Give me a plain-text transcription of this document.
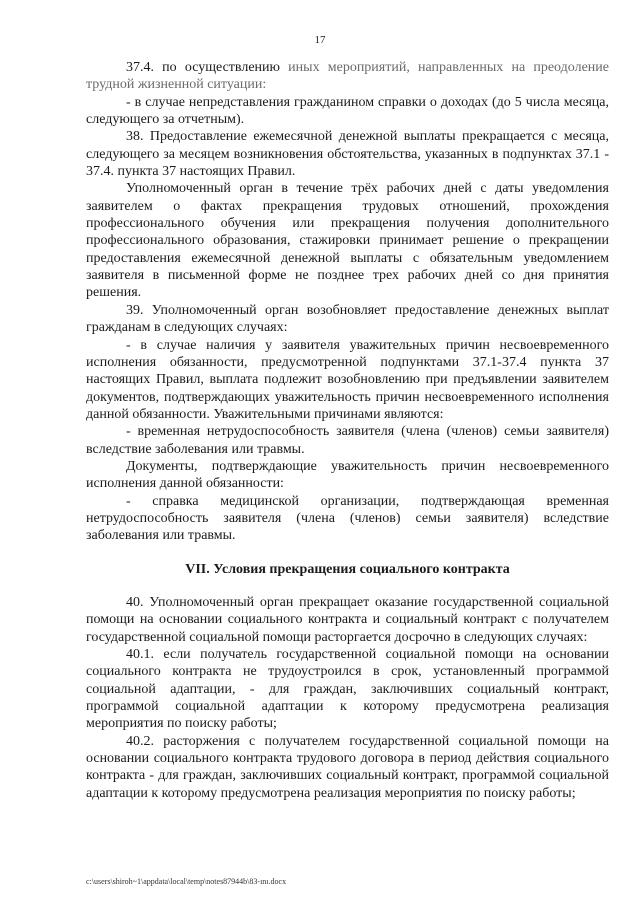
17

37.4. по осуществлению иных мероприятий, направленных на преодоление трудной жизненной ситуации:

- в случае непредставления гражданином справки о доходах (до 5 числа месяца, следующего за отчетным).

38. Предоставление ежемесячной денежной выплаты прекращается с месяца, следующего за месяцем возникновения обстоятельства, указанных в подпунктах 37.1 - 37.4. пункта 37 настоящих Правил.

Уполномоченный орган в течение трёх рабочих дней с даты уведомления заявителем о фактах прекращения трудовых отношений, прохождения профессионального обучения или прекращения получения дополнительного профессионального образования, стажировки принимает решение о прекращении предоставления ежемесячной денежной выплаты с обязательным уведомлением заявителя в письменной форме не позднее трех рабочих дней со дня принятия решения.

39. Уполномоченный орган возобновляет предоставление денежных выплат гражданам в следующих случаях:

- в случае наличия у заявителя уважительных причин несвоевременного исполнения обязанности, предусмотренной подпунктами 37.1-37.4 пункта 37 настоящих Правил, выплата подлежит возобновлению при предъявлении заявителем документов, подтверждающих уважительность причин несвоевременного исполнения данной обязанности. Уважительными причинами являются:

- временная нетрудоспособность заявителя (члена (членов) семьи заявителя) вследствие заболевания или травмы.

Документы, подтверждающие уважительность причин несвоевременного исполнения данной обязанности:

- справка медицинской организации, подтверждающая временная нетрудоспособность заявителя (члена (членов) семьи заявителя) вследствие заболевания или травмы.

VII. Условия прекращения социального контракта

40. Уполномоченный орган прекращает оказание государственной социальной помощи на основании социального контракта и социальный контракт с получателем государственной социальной помощи расторгается досрочно в следующих случаях:

40.1. если получатель государственной социальной помощи на основании социального контракта не трудоустроился в срок, установленный программой социальной адаптации, - для граждан, заключивших социальный контракт, программой социальной адаптации к которому предусмотрена реализация мероприятия по поиску работы;

40.2. расторжения с получателем государственной социальной помощи на основании социального контракта трудового договора в период действия социального контракта - для граждан, заключивших социальный контракт, программой социальной адаптации к которому предусмотрена реализация мероприятия по поиску работы;

c:\users\shiroh~1\appdata\local\temp\notes87944b\83-ını.docx
